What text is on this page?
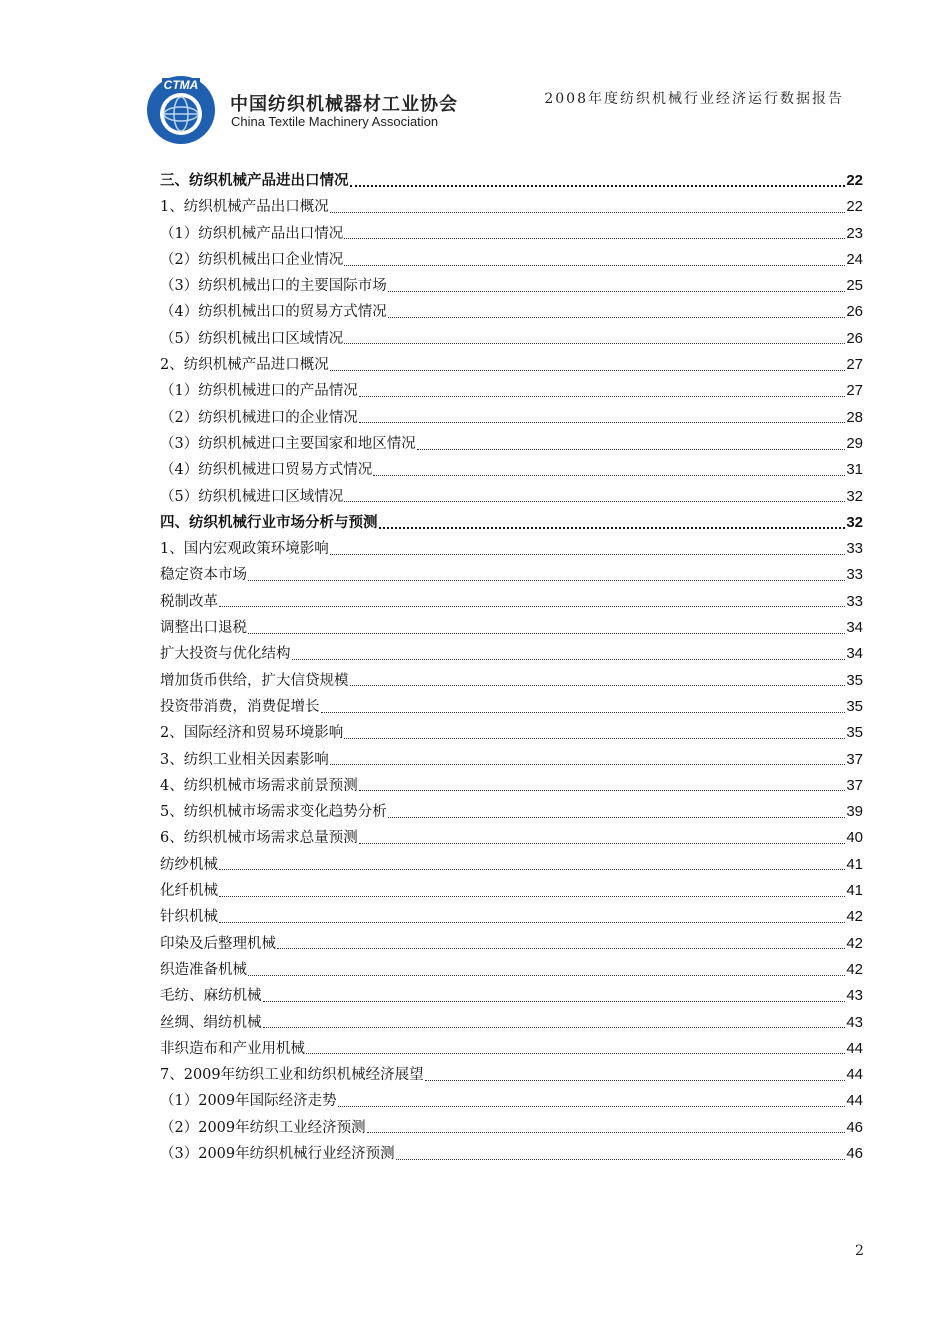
CTMA
中国纺织机械器材工业协会
China Textile Machinery Association
2008年度纺织机械行业经济运行数据报告
三、纺织机械产品进出口情况	22
1、纺织机械产品出口概况	22
（1）纺织机械产品出口情况	23
（2）纺织机械出口企业情况	24
（3）纺织机械出口的主要国际市场	25
（4）纺织机械出口的贸易方式情况	26
（5）纺织机械出口区域情况	26
2、纺织机械产品进口概况	27
（1）纺织机械进口的产品情况	27
（2）纺织机械进口的企业情况	28
（3）纺织机械进口主要国家和地区情况	29
（4）纺织机械进口贸易方式情况	31
（5）纺织机械进口区域情况	32
四、纺织机械行业市场分析与预测	32
1、国内宏观政策环境影响	33
稳定资本市场	33
税制改革	33
调整出口退税	34
扩大投资与优化结构	34
增加货币供给，扩大信贷规模	35
投资带消费，消费促增长	35
2、国际经济和贸易环境影响	35
3、纺织工业相关因素影响	37
4、纺织机械市场需求前景预测	37
5、纺织机械市场需求变化趋势分析	39
6、纺织机械市场需求总量预测	40
纺纱机械	41
化纤机械	41
针织机械	42
印染及后整理机械	42
织造准备机械	42
毛纺、麻纺机械	43
丝绸、绢纺机械	43
非织造布和产业用机械	44
7、2009年纺织工业和纺织机械经济展望	44
（1）2009年国际经济走势	44
（2）2009年纺织工业经济预测	46
（3）2009年纺织机械行业经济预测	46
2
